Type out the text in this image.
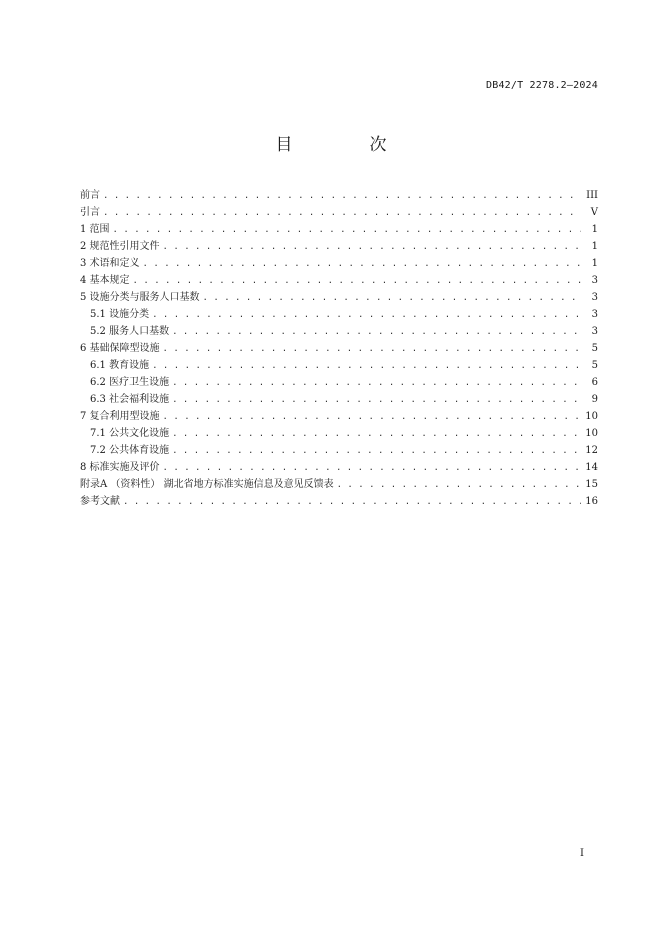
DB42/T 2278.2—2024
目　次
前言 . . .	III
引言 . . .	V
1 范围 . . .	1
2 规范性引用文件 . . .	1
3 术语和定义 . . .	1
4 基本规定 . . .	3
5 设施分类与服务人口基数 . . .	3
5.1 设施分类 . . .	3
5.2 服务人口基数 . . .	3
6 基础保障型设施 . . .	5
6.1 教育设施 . . .	5
6.2 医疗卫生设施 . . .	6
6.3 社会福利设施 . . .	9
7 复合利用型设施 . . .	10
7.1 公共文化设施 . . .	10
7.2 公共体育设施 . . .	12
8 标准实施及评价 . . .	14
附录A （资料性） 湖北省地方标准实施信息及意见反馈表 . . .	15
参考文献 . . .	16
I
